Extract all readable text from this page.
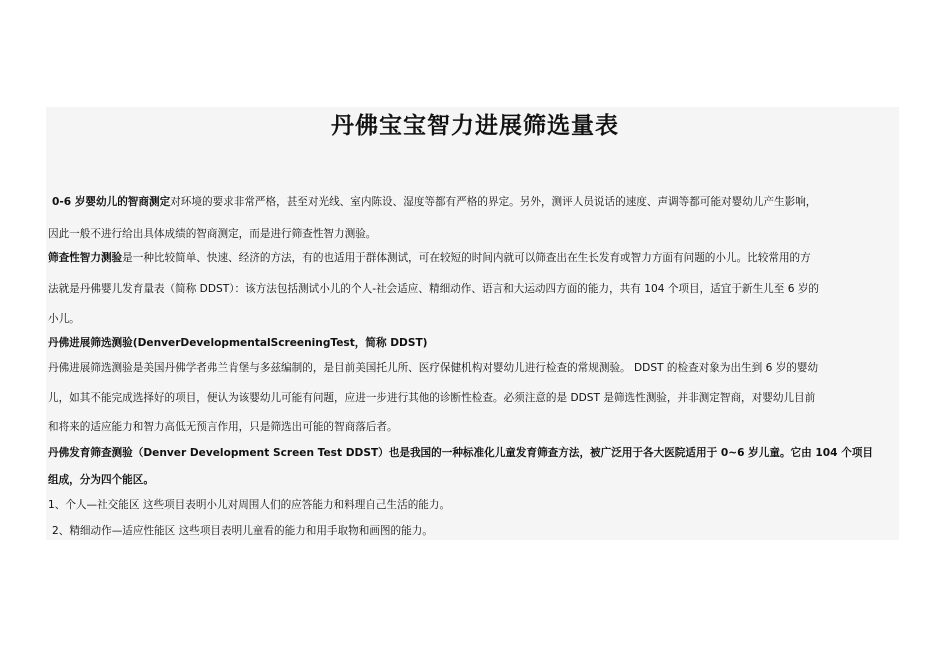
丹佛宝宝智力进展筛选量表
0-6 岁婴幼儿的智商测定对环境的要求非常严格，甚至对光线、室内陈设、湿度等都有严格的界定。另外，测评人员说话的速度、声调等都可能对婴幼儿产生影响，
因此一般不进行给出具体成绩的智商测定，而是进行筛查性智力测验。
筛查性智力测验是一种比较简单、快速、经济的方法，有的也适用于群体测试，可在较短的时间内就可以筛查出在生长发育或智力方面有问题的小儿。比较常用的方
法就是丹佛婴儿发育量表（简称 DDST）：该方法包括测试小儿的个人-社会适应、精细动作、语言和大运动四方面的能力，共有 104 个项目，适宜于新生儿至 6 岁的
小儿。
丹佛进展筛选测验(DenverDevelopmentalScreeningTest，简称 DDST)
丹佛进展筛选测验是美国丹佛学者弗兰肯堡与多兹编制的，是目前美国托儿所、医疗保健机构对婴幼儿进行检查的常规测验。 DDST 的检查对象为出生到 6 岁的婴幼
儿，如其不能完成选择好的项目，便认为该婴幼儿可能有问题，应进一步进行其他的诊断性检查。必须注意的是 DDST 是筛选性测验，并非测定智商，对婴幼儿目前
和将来的适应能力和智力高低无预言作用，只是筛选出可能的智商落后者。
丹佛发育筛查测验（Denver Development Screen Test DDST）也是我国的一种标准化儿童发育筛查方法，被广泛用于各大医院适用于 0~6 岁儿童。它由 104 个项目
组成，分为四个能区。
1、个人—社交能区 这些项目表明小儿对周围人们的应答能力和料理自己生活的能力。
2、精细动作—适应性能区 这些项目表明儿童看的能力和用手取物和画图的能力。
